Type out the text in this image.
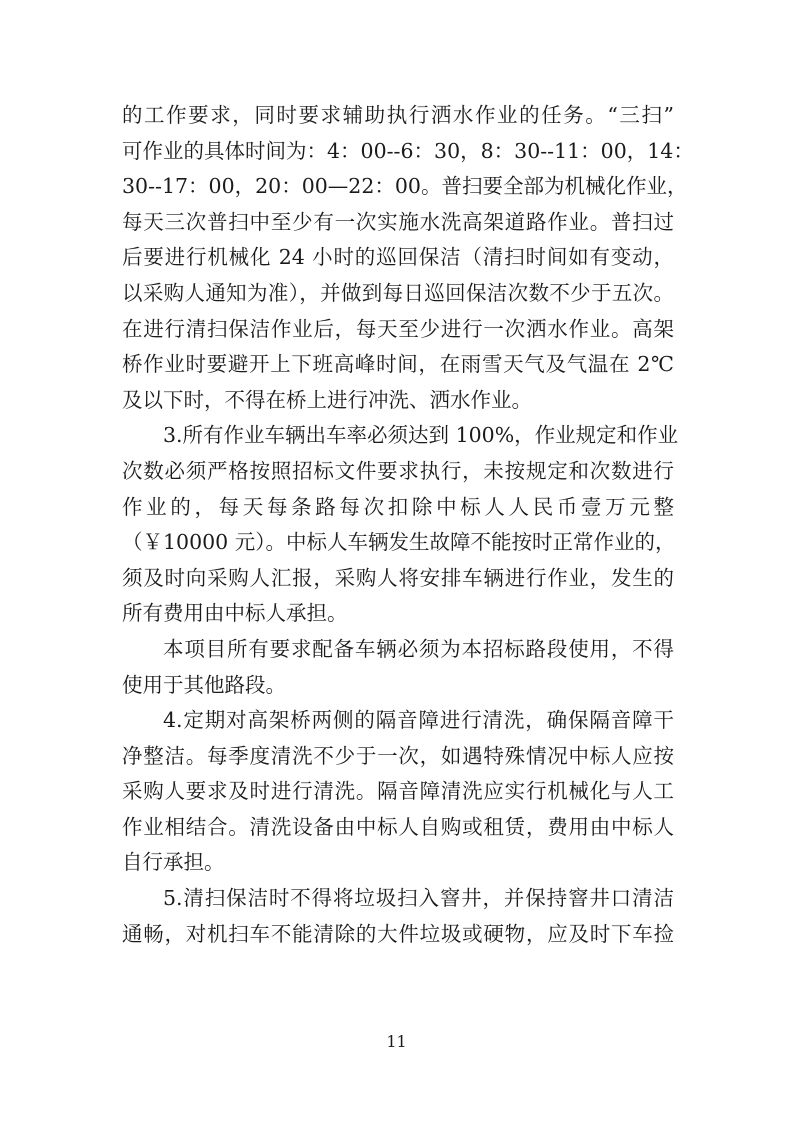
的工作要求，同时要求辅助执行洒水作业的任务。“三扫”
可作业的具体时间为：4：00--6：30，8：30--11：00，14：
30--17：00，20：00—22：00。普扫要全部为机械化作业，
每天三次普扫中至少有一次实施水洗高架道路作业。普扫过
后要进行机械化 24 小时的巡回保洁（清扫时间如有变动，
以采购人通知为准），并做到每日巡回保洁次数不少于五次。
在进行清扫保洁作业后，每天至少进行一次洒水作业。高架
桥作业时要避开上下班高峰时间，在雨雪天气及气温在 2℃
及以下时，不得在桥上进行冲洗、洒水作业。

3.所有作业车辆出车率必须达到 100%，作业规定和作业
次数必须严格按照招标文件要求执行，未按规定和次数进行
作业的，每天每条路每次扣除中标人人民币壹万元整
（￥10000 元）。中标人车辆发生故障不能按时正常作业的，
须及时向采购人汇报，采购人将安排车辆进行作业，发生的
所有费用由中标人承担。

本项目所有要求配备车辆必须为本招标路段使用，不得
使用于其他路段。

4.定期对高架桥两侧的隔音障进行清洗，确保隔音障干
净整洁。每季度清洗不少于一次，如遇特殊情况中标人应按
采购人要求及时进行清洗。隔音障清洗应实行机械化与人工
作业相结合。清洗设备由中标人自购或租赁，费用由中标人
自行承担。

5.清扫保洁时不得将垃圾扫入窨井，并保持窨井口清洁
通畅，对机扫车不能清除的大件垃圾或硬物，应及时下车捡

11
